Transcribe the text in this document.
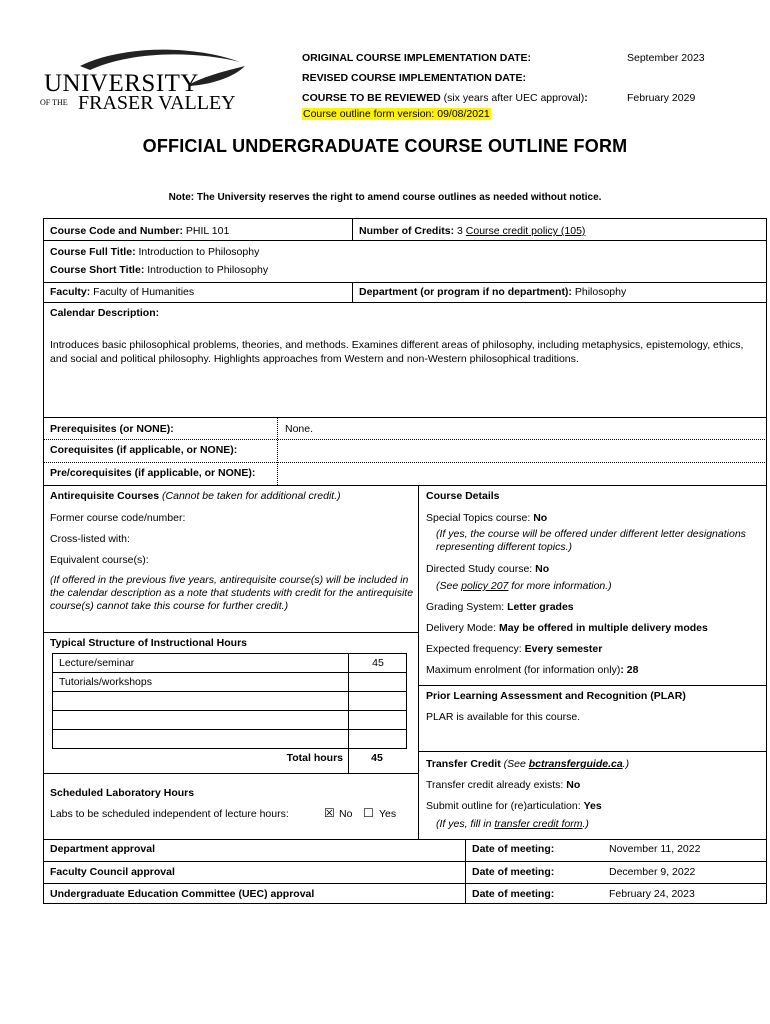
UNIVERSITY
OF THE FRASER VALLEY
ORIGINAL COURSE IMPLEMENTATION DATE:	September 2023
REVISED COURSE IMPLEMENTATION DATE:
COURSE TO BE REVIEWED (six years after UEC approval):	February 2029
Course outline form version: 09/08/2021
OFFICIAL UNDERGRADUATE COURSE OUTLINE FORM
Note: The University reserves the right to amend course outlines as needed without notice.
Course Code and Number: PHIL 101	Number of Credits: 3 Course credit policy (105)
Course Full Title: Introduction to Philosophy
Course Short Title: Introduction to Philosophy
Faculty: Faculty of Humanities	Department (or program if no department): Philosophy
Calendar Description:
Introduces basic philosophical problems, theories, and methods. Examines different areas of philosophy, including metaphysics, epistemology, ethics, and social and political philosophy. Highlights approaches from Western and non-Western philosophical traditions.
Prerequisites (or NONE):	None.
Corequisites (if applicable, or NONE):
Pre/corequisites (if applicable, or NONE):
Antirequisite Courses (Cannot be taken for additional credit.)
Former course code/number:
Cross-listed with:
Equivalent course(s):
(If offered in the previous five years, antirequisite course(s) will be included in the calendar description as a note that students with credit for the antirequisite course(s) cannot take this course for further credit.)
Typical Structure of Instructional Hours
Lecture/seminar	45
Tutorials/workshops
Total hours	45
Scheduled Laboratory Hours
Labs to be scheduled independent of lecture hours:	☒ No ☐ Yes
Course Details
Special Topics course: No
(If yes, the course will be offered under different letter designations representing different topics.)
Directed Study course: No
(See policy 207 for more information.)
Grading System: Letter grades
Delivery Mode: May be offered in multiple delivery modes
Expected frequency: Every semester
Maximum enrolment (for information only): 28
Prior Learning Assessment and Recognition (PLAR)
PLAR is available for this course.
Transfer Credit (See bctransferguide.ca.)
Transfer credit already exists: No
Submit outline for (re)articulation: Yes
(If yes, fill in transfer credit form.)
Department approval	Date of meeting:	November 11, 2022
Faculty Council approval	Date of meeting:	December 9, 2022
Undergraduate Education Committee (UEC) approval	Date of meeting:	February 24, 2023
